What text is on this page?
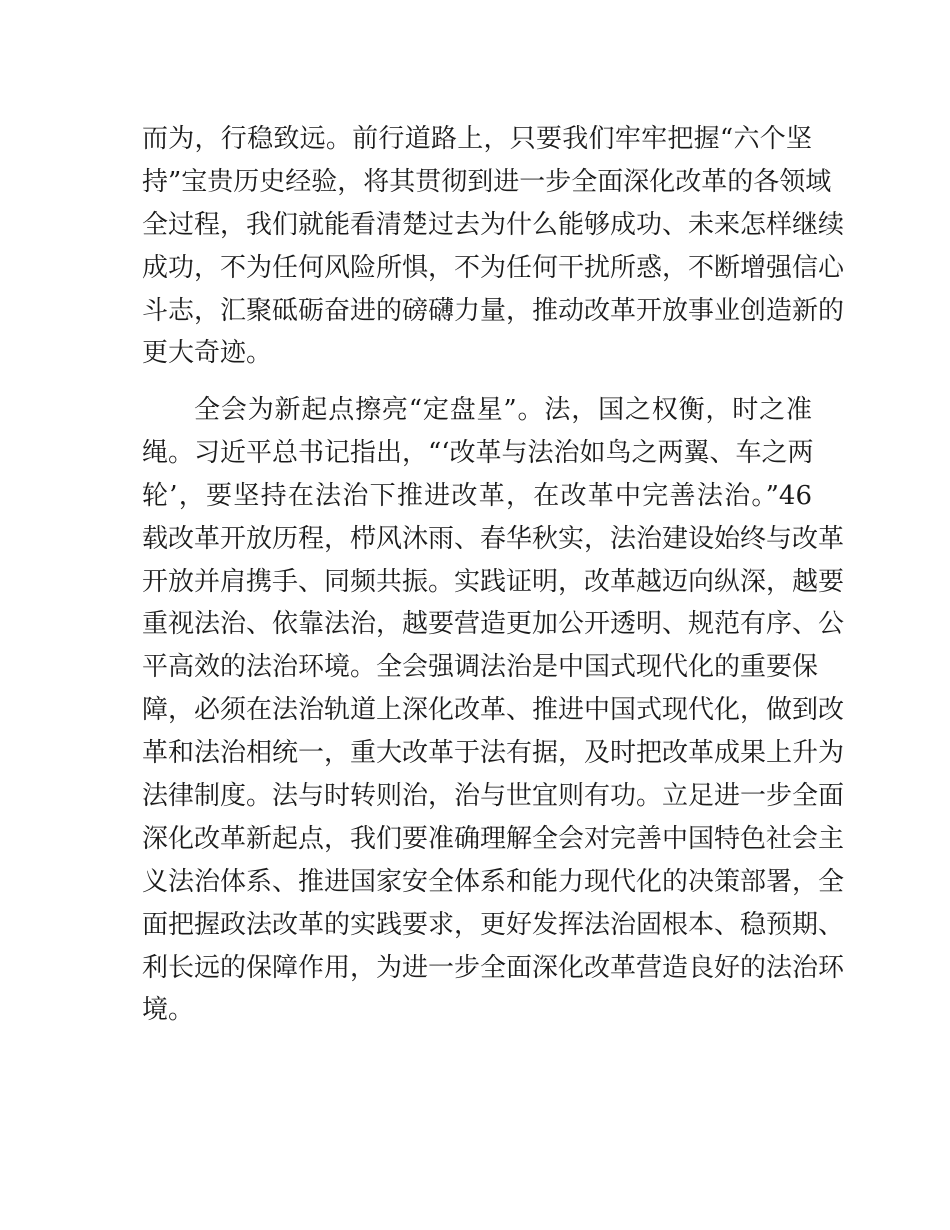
而为，行稳致远。前行道路上，只要我们牢牢把握“六个坚
持”宝贵历史经验，将其贯彻到进一步全面深化改革的各领域
全过程，我们就能看清楚过去为什么能够成功、未来怎样继续
成功，不为任何风险所惧，不为任何干扰所惑，不断增强信心
斗志，汇聚砥砺奋进的磅礴力量，推动改革开放事业创造新的
更大奇迹。
全会为新起点擦亮“定盘星”。法，国之权衡，时之准
绳。习近平总书记指出，“‘改革与法治如鸟之两翼、车之两
轮’，要坚持在法治下推进改革，在改革中完善法治。”46
载改革开放历程，栉风沐雨、春华秋实，法治建设始终与改革
开放并肩携手、同频共振。实践证明，改革越迈向纵深，越要
重视法治、依靠法治，越要营造更加公开透明、规范有序、公
平高效的法治环境。全会强调法治是中国式现代化的重要保
障，必须在法治轨道上深化改革、推进中国式现代化，做到改
革和法治相统一，重大改革于法有据，及时把改革成果上升为
法律制度。法与时转则治，治与世宜则有功。立足进一步全面
深化改革新起点，我们要准确理解全会对完善中国特色社会主
义法治体系、推进国家安全体系和能力现代化的决策部署，全
面把握政法改革的实践要求，更好发挥法治固根本、稳预期、
利长远的保障作用，为进一步全面深化改革营造良好的法治环
境。
